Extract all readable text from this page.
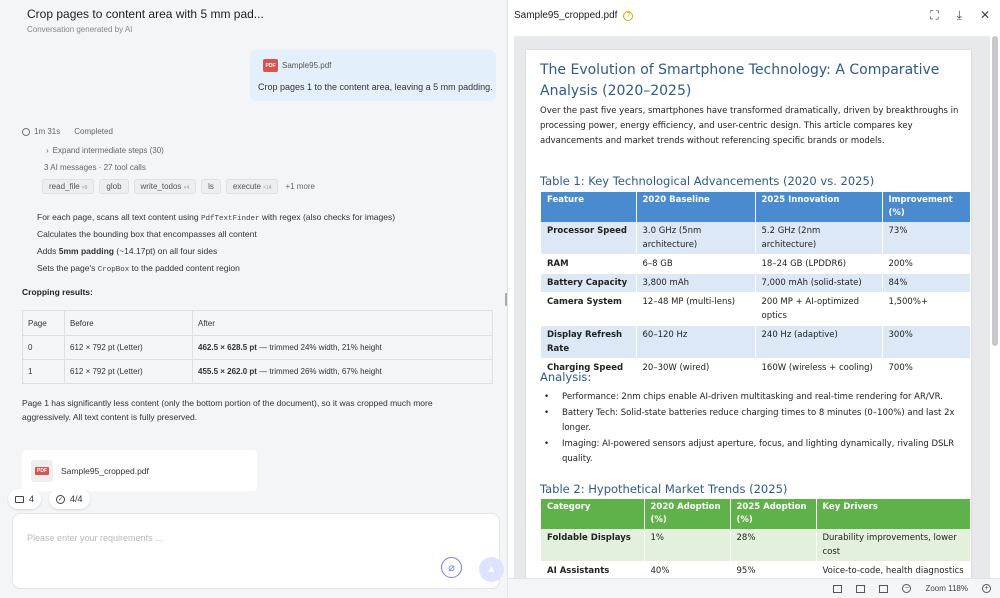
Crop pages to content area with 5 mm pad...
Conversation generated by AI
PDF Sample95.pdf
Crop pages 1 to the content area, leaving a 5 mm padding.
1m 31s Completed
› Expand intermediate steps (30)
3 AI messages · 27 tool calls
read_file ×6 glob write_todos ×4 ls execute ×14 +1 more
For each page, scans all text content using PdfTextFinder with regex (also checks for images)
Calculates the bounding box that encompasses all content
Adds 5mm padding (~14.17pt) on all four sides
Sets the page's CropBox to the padded content region
Cropping results:
Page	Before	After
0	612 × 792 pt (Letter)	462.5 × 628.5 pt — trimmed 24% width, 21% height
1	612 × 792 pt (Letter)	455.5 × 262.0 pt — trimmed 26% width, 67% height
Page 1 has significantly less content (only the bottom portion of the document), so it was cropped much more aggressively. All text content is fully preserved.
PDF Sample95_cropped.pdf
4	✓ 4/4
Please enter your requirements ...
⌀	▲
Sample95_cropped.pdf	?	⛶ ⤓ ✕
The Evolution of Smartphone Technology: A Comparative Analysis (2020–2025)
Over the past five years, smartphones have transformed dramatically, driven by breakthroughs in processing power, energy efficiency, and user-centric design. This article compares key advancements and market trends without referencing specific brands or models.
Table 1: Key Technological Advancements (2020 vs. 2025)
Feature	2020 Baseline	2025 Innovation	Improvement (%)
Processor Speed	3.0 GHz (5nm architecture)	5.2 GHz (2nm architecture)	73%
RAM	6–8 GB	18–24 GB (LPDDR6)	200%
Battery Capacity	3,800 mAh	7,000 mAh (solid-state)	84%
Camera System	12–48 MP (multi-lens)	200 MP + AI-optimized optics	1,500%+
Display Refresh Rate	60–120 Hz	240 Hz (adaptive)	300%
Charging Speed	20–30W (wired)	160W (wireless + cooling)	700%
Analysis:
•	Performance: 2nm chips enable AI-driven multitasking and real-time rendering for AR/VR.
•	Battery Tech: Solid-state batteries reduce charging times to 8 minutes (0–100%) and last 2x longer.
•	Imaging: AI-powered sensors adjust aperture, focus, and lighting dynamically, rivaling DSLR quality.
Table 2: Hypothetical Market Trends (2025)
Category	2020 Adoption (%)	2025 Adoption (%)	Key Drivers
Foldable Displays	1%	28%	Durability improvements, lower cost
AI Assistants	40%	95%	Voice-to-code, health diagnostics
−	Zoom 118%	+
